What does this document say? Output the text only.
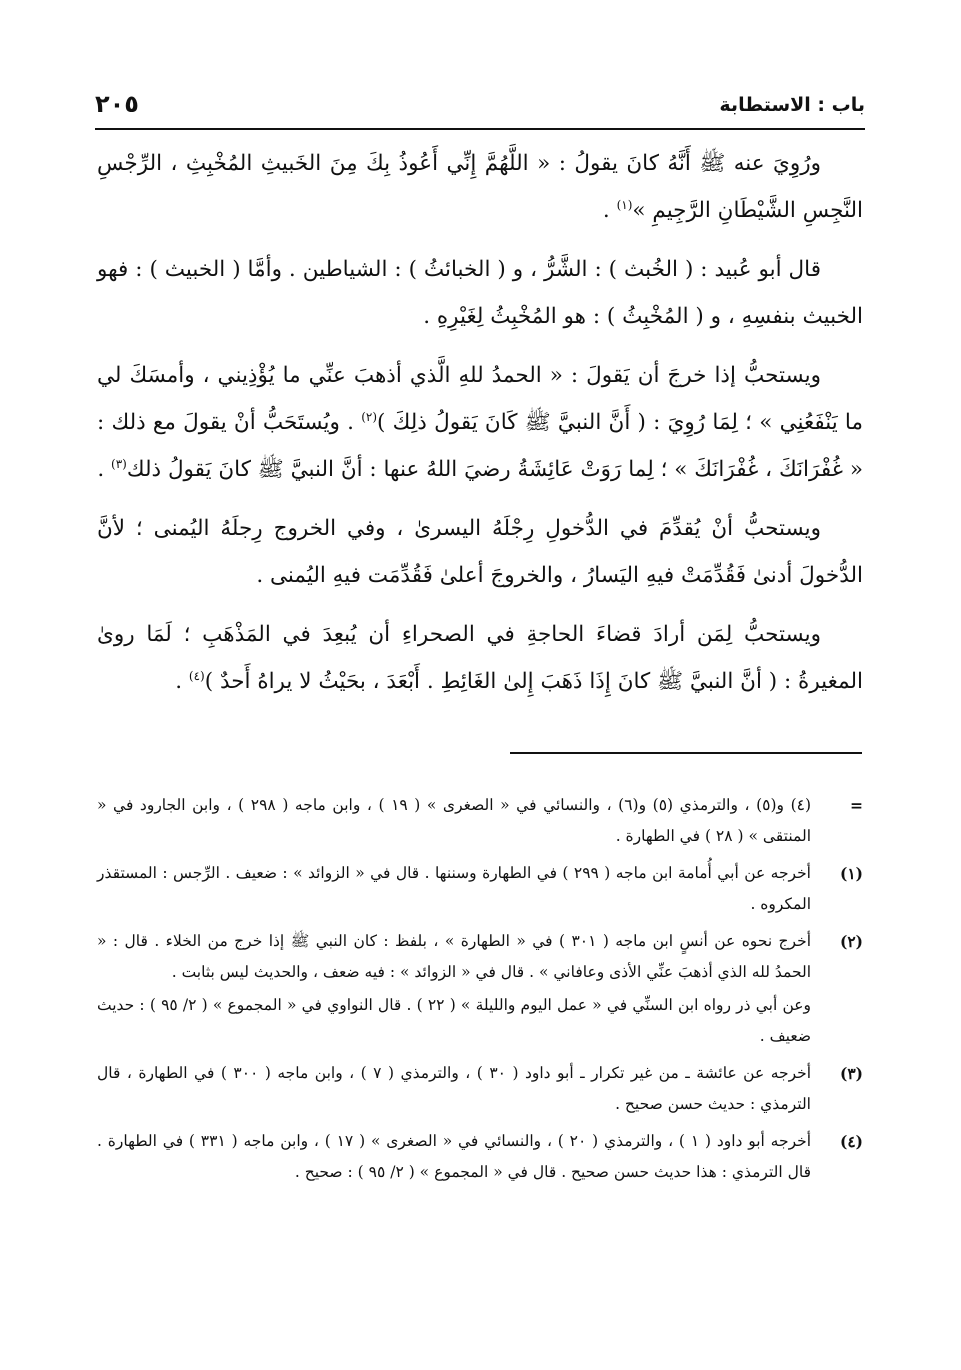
باب : الاستطابة
٢٠٥

ورُوِيَ عنه ﷺ أَنَّهُ كانَ يقولُ : « اللَّهُمَّ إِنِّي أَعُوذُ بِكَ مِنَ الخَبيثِ المُخْبِثِ ، الرِّجْسِ النَّجِسِ الشَّيْطَانِ الرَّجِيمِ »$^{(١)}$ .

قال أبو عُبيد : ( الخُبث ) : الشَّرُّ ، و ( الخبائثُ ) : الشياطين . وأمَّا ( الخبيث ) : فهو الخبيث بنفسِهِ ، و ( المُخْبِثُ ) : هو المُخْبِثُ لِغَيْرِهِ .

ويستحبُّ إذا خرجَ أن يَقولَ : « الحمدُ للهِ الَّذي أذهبَ عنِّي ما يُؤْذِيني ، وأمسَكَ لي ما يَنْفَعُنِي » ؛ لِمَا رُوِيَ : ( أَنَّ النبيَّ ﷺ كَانَ يَقولُ ذلِكَ )$^{(٢)}$ . ويُستَحَبُّ أنْ يقولَ مع ذلك : « غُفْرَانَكَ ، غُفْرَانَكَ » ؛ لِما رَوَتْ عَائِشَةُ رضيَ اللهُ عنها : أنَّ النبيَّ ﷺ كانَ يَقولُ ذلك$^{(٣)}$ .

ويستحبُّ أنْ يُقدِّمَ في الدُّخولِ رِجْلَهُ اليسرىٰ ، وفي الخروج رِجلَهُ اليُمنى ؛ لأنَّ الدُّخولَ أدنىٰ فَقُدِّمَتْ فيهِ اليَسارُ ، والخروجَ أعلىٰ فَقُدِّمَت فيهِ اليُمنى .

ويستحبُّ لِمَن أرادَ قضاءَ الحاجةِ في الصحراءِ أن يُبعِدَ في المَذْهَبِ ؛ لَمَا روىٰ المغيرةُ : ( أنَّ النبيَّ ﷺ كانَ إِذَا ذَهَبَ إِلىٰ الغَائِطِ . أَبْعَدَ ، بحَيْثُ لا يراهُ أَحدٌ )$^{(٤)}$ .

=

(٤) و(٥) ، والترمذي (٥) و(٦) ، والنسائي في « الصغرى » ( ١٩ ) ، وابن ماجه ( ٢٩٨ ) ، وابن الجارود في « المنتقى » ( ٢٨ ) في الطهارة .

(١)

أخرجه عن أبي أُمامة ابن ماجه ( ٢٩٩ ) في الطهارة وسننها . قال في « الزوائد » : ضعيف . الرِّجس : المستقذر المكروه .

(٢)

أخرج نحوه عن أنسٍ ابن ماجه ( ٣٠١ ) في « الطهارة » ، بلفظ : كان النبي ﷺ إذا خرج من الخلاء . قال : « الحمدُ لله الذي أذهبَ عنِّي الأذى وعافاني » . قال في « الزوائد » : فيه ضعف ، والحديث ليس بثابت .

وعن أبي ذر رواه ابن السنِّي في « عمل اليوم والليلة » ( ٢٢ ) . قال النواوي في « المجموع » ( ٢/ ٩٥ ) : حديث ضعيف .

(٣)

أخرجه عن عائشة ـ من غير تكرار ـ أبو داود ( ٣٠ ) ، والترمذي ( ٧ ) ، وابن ماجه ( ٣٠٠ ) في الطهارة ، قال الترمذي : حديث حسن صحيح .

(٤)

أخرجه أبو داود ( ١ ) ، والترمذي ( ٢٠ ) ، والنسائي في « الصغرى » ( ١٧ ) ، وابن ماجه ( ٣٣١ ) في الطهارة . قال الترمذي : هذا حديث حسن صحيح . قال في « المجموع » ( ٢/ ٩٥ ) : صحيح .
